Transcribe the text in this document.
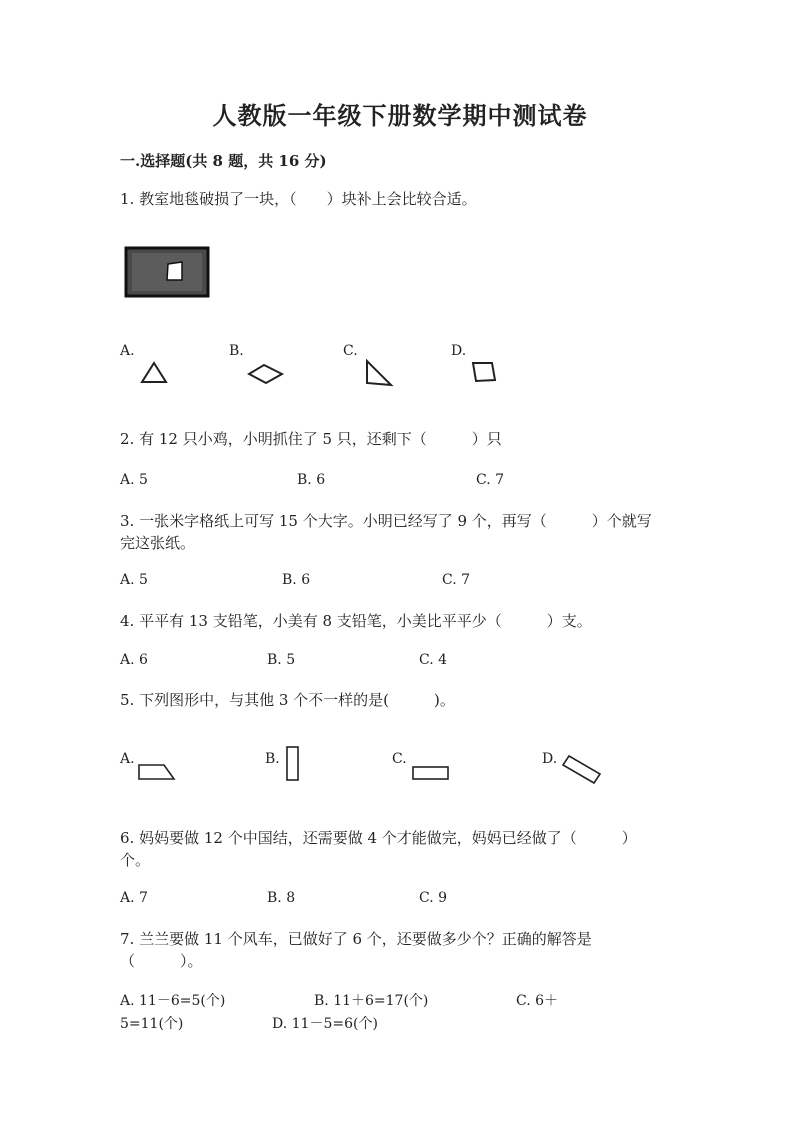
人教版一年级下册数学期中测试卷
一.选择题(共 8 题，共 16 分)
1. 教室地毯破损了一块，（　　）块补上会比较合适。
A.	B.	C.	D.
2. 有 12 只小鸡，小明抓住了 5 只，还剩下（　　　）只
A. 5	B. 6	C. 7
3. 一张米字格纸上可写 15 个大字。小明已经写了 9 个，再写（　　　）个就写
完这张纸。
A. 5	B. 6	C. 7
4. 平平有 13 支铅笔，小美有 8 支铅笔，小美比平平少（　　　）支。
A. 6	B. 5	C. 4
5. 下列图形中，与其他 3 个不一样的是(　　　)。
A.	B.	C.	D.
6. 妈妈要做 12 个中国结，还需要做 4 个才能做完，妈妈已经做了（　　　）
个。
A. 7	B. 8	C. 9
7. 兰兰要做 11 个风车，已做好了 6 个，还要做多少个？正确的解答是
（　　　）。
A. 11－6=5(个)	B. 11＋6=17(个)	C. 6＋
5=11(个)	D. 11－5=6(个)
